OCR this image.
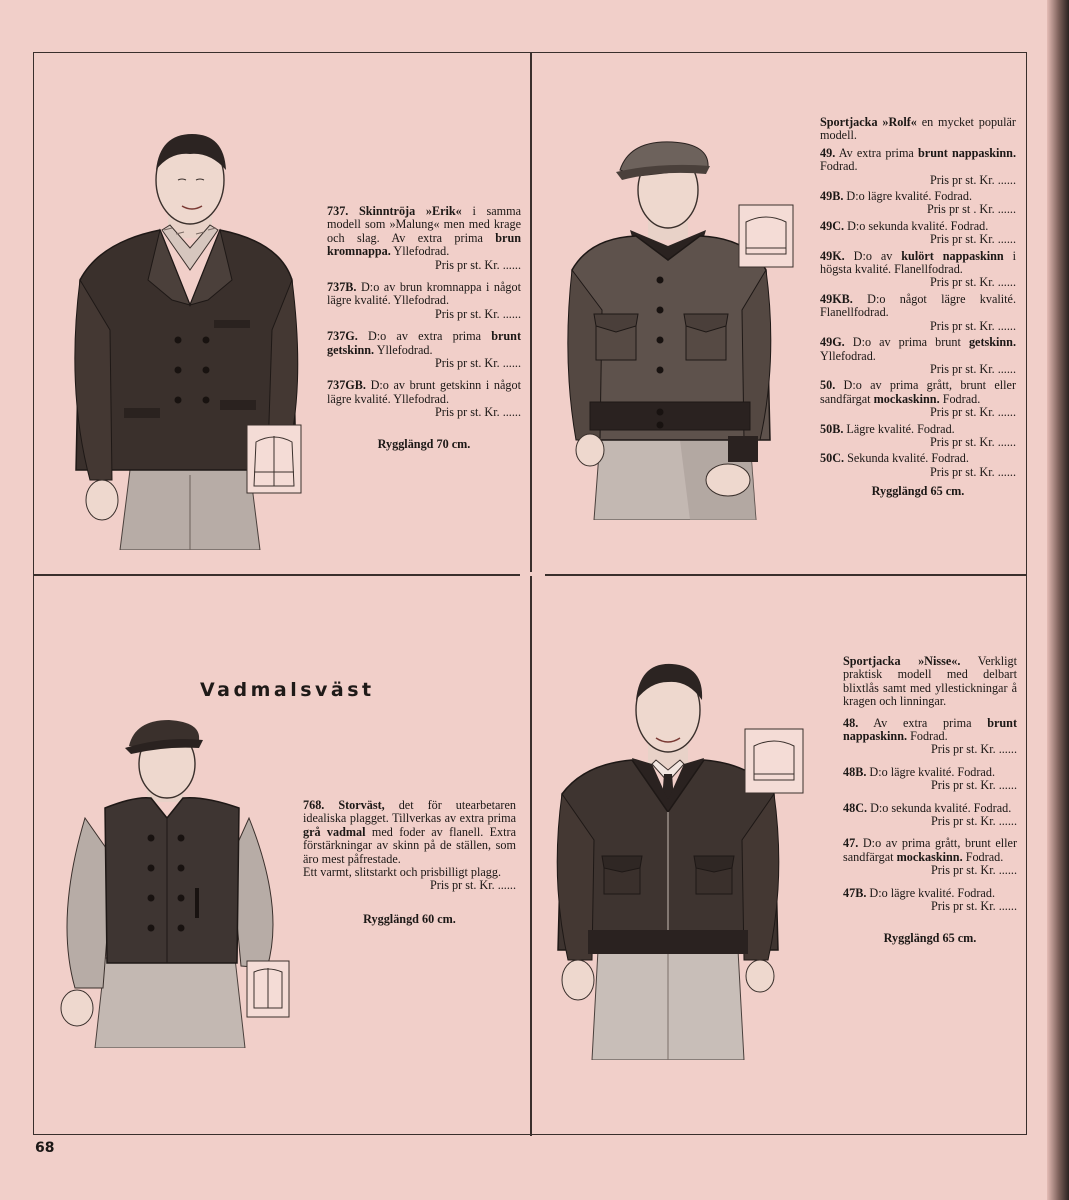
737. Skinntröja »Erik« i samma modell som »Malung« men med krage och slag. Av extra prima brun kromnappa. Yllefodrad.
Pris pr st. Kr. ......

737B. D:o av brun kromnappa i något lägre kvalité. Yllefodrad.
Pris pr st. Kr. ......

737G. D:o av extra prima brunt getskinn. Yllefodrad.
Pris pr st. Kr. ......

737GB. D:o av brunt getskinn i något lägre kvalité. Yllefodrad.
Pris pr st. Kr. ......

Rygglängd 70 cm.

Sportjacka »Rolf« en mycket populär modell.

49. Av extra prima brunt nappaskinn. Fodrad.
Pris pr st. Kr. ......

49B. D:o lägre kvalité. Fodrad.
Pris pr st . Kr. ......

49C. D:o sekunda kvalité. Fodrad.
Pris pr st. Kr. ......

49K. D:o av kulört nappaskinn i högsta kvalité. Flanellfodrad.
Pris pr st. Kr. ......

49KB. D:o något lägre kvalité. Flanellfodrad.
Pris pr st. Kr. ......

49G. D:o av prima brunt getskinn. Yllefodrad.
Pris pr st. Kr. ......

50. D:o av prima grått, brunt eller sandfärgat mockaskinn. Fodrad.
Pris pr st. Kr. ......

50B. Lägre kvalité. Fodrad.
Pris pr st. Kr. ......

50C. Sekunda kvalité. Fodrad.
Pris pr st. Kr. ......

Rygglängd 65 cm.

Vadmalsväst

768. Storväst, det för utearbetaren idealiska plagget. Tillverkas av extra prima grå vadmal med foder av flanell. Extra förstärkningar av skinn på de ställen, som äro mest påfrestade.

Ett varmt, slitstarkt och prisbilligt plagg.
Pris pr st. Kr. ......

Rygglängd 60 cm.

Sportjacka »Nisse«. Verkligt praktisk modell med delbart blixtlås samt med yllestickningar å kragen och linningar.

48. Av extra prima brunt nappaskinn. Fodrad.
Pris pr st. Kr. ......

48B. D:o lägre kvalité. Fodrad.
Pris pr st. Kr. ......

48C. D:o sekunda kvalité. Fodrad.
Pris pr st. Kr. ......

47. D:o av prima grått, brunt eller sandfärgat mockaskinn. Fodrad.
Pris pr st. Kr. ......

47B. D:o lägre kvalité. Fodrad.
Pris pr st. Kr. ......

Rygglängd 65 cm.

68
